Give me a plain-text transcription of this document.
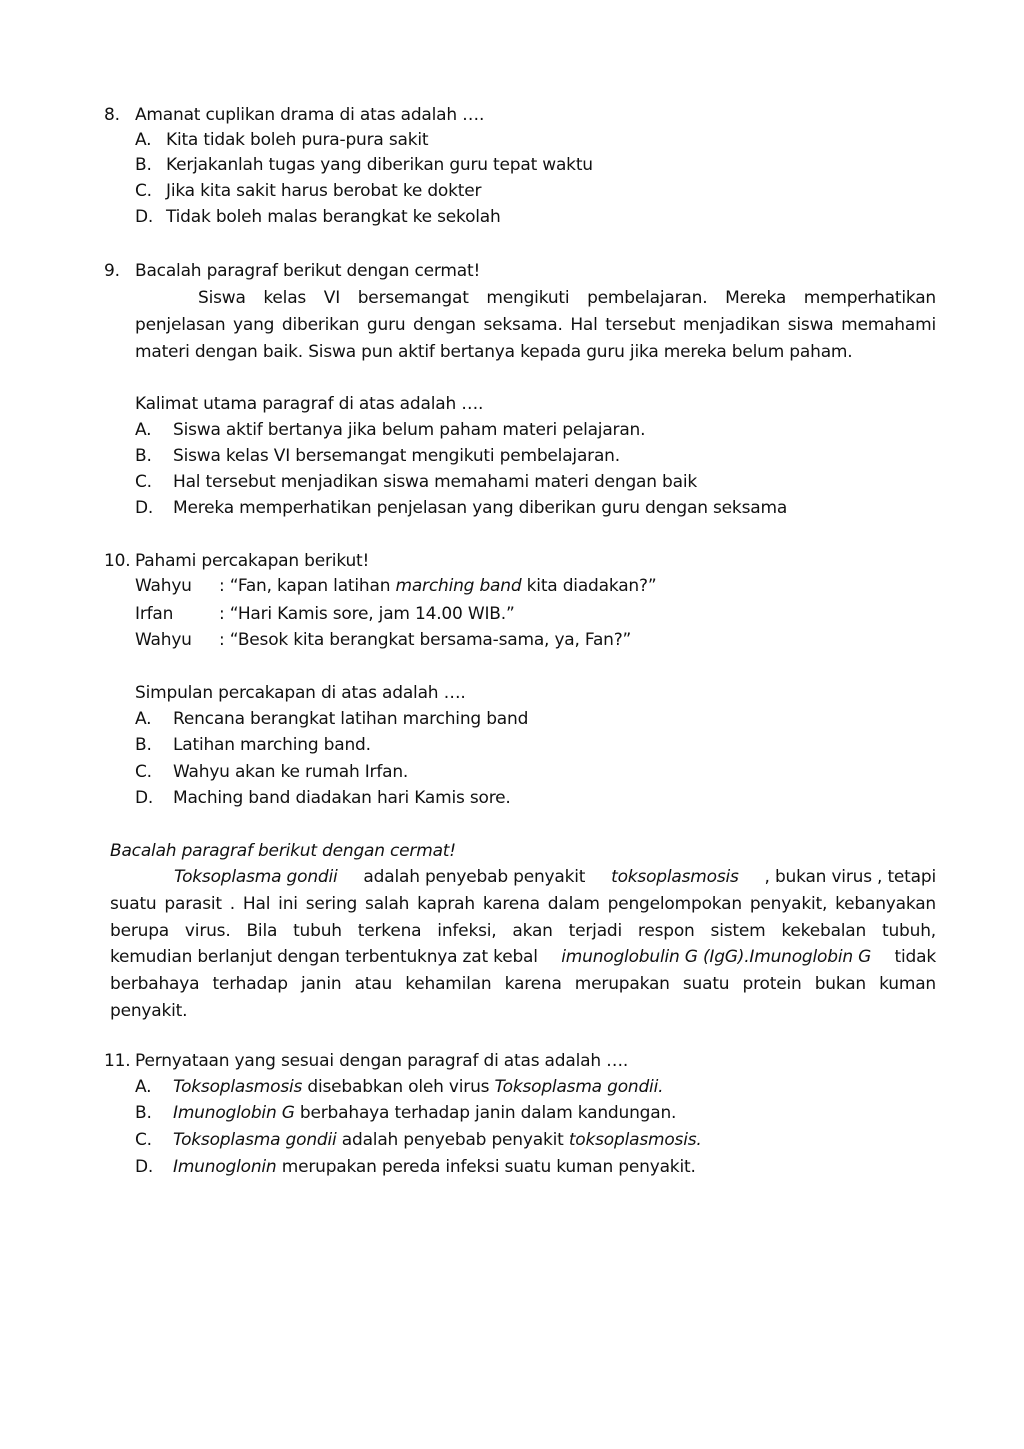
8. Amanat cuplikan drama di atas adalah ….
A. Kita tidak boleh pura-pura sakit
B. Kerjakanlah tugas yang diberikan guru tepat waktu
C. Jika kita sakit harus berobat ke dokter
D. Tidak boleh malas berangkat ke sekolah
9. Bacalah paragraf berikut dengan cermat!
Siswa kelas VI bersemangat mengikuti pembelajaran. Mereka memperhatikan
penjelasan yang diberikan guru dengan seksama. Hal tersebut menjadikan siswa memahami
materi dengan baik. Siswa pun aktif bertanya kepada guru jika mereka belum paham.
Kalimat utama paragraf di atas adalah ….
A. Siswa aktif bertanya jika belum paham materi pelajaran.
B. Siswa kelas VI bersemangat mengikuti pembelajaran.
C. Hal tersebut menjadikan siswa memahami materi dengan baik
D. Mereka memperhatikan penjelasan yang diberikan guru dengan seksama
10. Pahami percakapan berikut!
Wahyu : “Fan, kapan latihan marching band kita diadakan?”
Irfan	: “Hari Kamis sore, jam 14.00 WIB.”
Wahyu : “Besok kita berangkat bersama-sama, ya, Fan?”
Simpulan percakapan di atas adalah ….
A. Rencana berangkat latihan marching band
B. Latihan marching band.
C. Wahyu akan ke rumah Irfan.
D. Maching band diadakan hari Kamis sore.
Bacalah paragraf berikut dengan cermat!
Toksoplasma gondii adalah penyebab penyakit toksoplasmosis , bukan virus , tetapi
suatu parasit . Hal ini sering salah kaprah karena dalam pengelompokan penyakit, kebanyakan
berupa virus. Bila tubuh terkena infeksi, akan terjadi respon sistem kekebalan tubuh,
kemudian berlanjut dengan terbentuknya zat kebal imunoglobulin G (IgG).Imunoglobin G tidak
berbahaya terhadap janin atau kehamilan karena merupakan suatu protein bukan kuman
penyakit.
11. Pernyataan yang sesuai dengan paragraf di atas adalah ….
A. Toksoplasmosis disebabkan oleh virus Toksoplasma gondii.
B. Imunoglobin G berbahaya terhadap janin dalam kandungan.
C. Toksoplasma gondii adalah penyebab penyakit toksoplasmosis.
D. Imunoglonin merupakan pereda infeksi suatu kuman penyakit.
